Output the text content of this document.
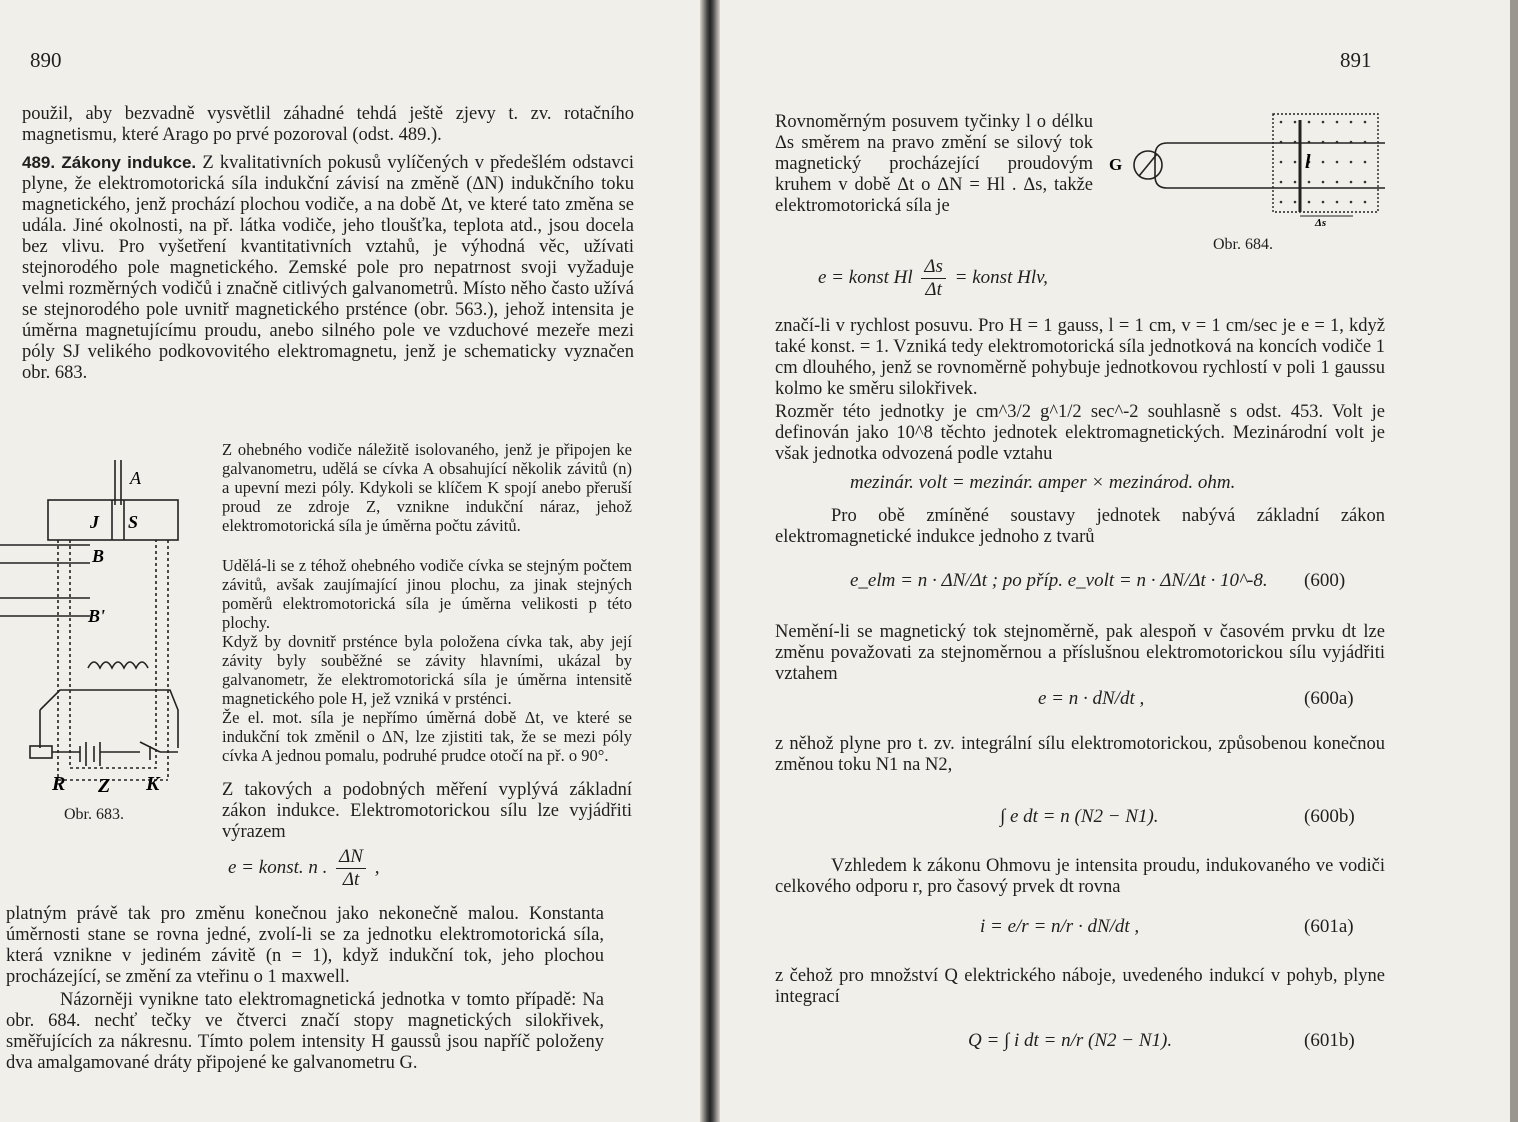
890
použil, aby bezvadně vysvětlil záhadné tehdá ještě zjevy t. zv. rotačního magnetismu, které Arago po prvé pozoroval (odst. 489.).
489. Zákony indukce. Z kvalitativních pokusů vylíčených v předešlém odstavci plyne, že elektromotorická síla indukční závisí na změně (ΔN) indukčního toku magnetického, jenž prochází plochou vodiče, a na době Δt, ve které tato změna se udála. Jiné okolnosti, na př. látka vodiče, jeho tloušťka, teplota atd., jsou docela bez vlivu. Pro vyšetření kvantitativních vztahů, je výhodná věc, užívati stejnorodého pole magnetického. Zemské pole pro nepatrnost svoji vyžaduje velmi rozměrných vodičů i značně citlivých galvanometrů. Místo něho často užívá se stejnorodého pole uvnitř magnetického prsténce (obr. 563.), jehož intensita je úměrna magnetujícímu proudu, anebo silného pole ve vzduchové mezeře mezi póly SJ velikého podkovovitého elektromagnetu, jenž je schematicky vyznačen obr. 683.
A
J S
B
B'
R Z K
Obr. 683.
Z ohebného vodiče náležitě isolovaného, jenž je připojen ke galvanometru, udělá se cívka A obsahující několik závitů (n) a upevní mezi póly. Kdykoli se klíčem K spojí anebo přeruší proud ze zdroje Z, vznikne indukční náraz, jehož elektromotorická síla je úměrna počtu závitů.
Udělá-li se z téhož ohebného vodiče cívka se stejným počtem závitů, avšak zaujímající jinou plochu, za jinak stejných poměrů elektromotorická síla je úměrna velikosti p této plochy.
Když by dovnitř prsténce byla položena cívka tak, aby její závity byly souběžné se závity hlavními, ukázal by galvanometr, že elektromotorická síla je úměrna intensitě magnetického pole H, jež vzniká v prsténci.
Že el. mot. síla je nepřímo úměrná době Δt, ve které se indukční tok změnil o ΔN, lze zjistiti tak, že se mezi póly cívka A jednou pomalu, podruhé prudce otočí na př. o 90°.
Z takových a podobných měření vyplývá základní zákon indukce. Elektromotorickou sílu lze vyjádřiti výrazem
e = konst. n . $\frac{\Delta N}{\Delta t}$ ,
platným právě tak pro změnu konečnou jako nekonečně malou. Konstanta úměrnosti stane se rovna jedné, zvolí-li se za jednotku elektromotorická síla, která vznikne v jediném závitě (n = 1), když indukční tok, jeho plochou procházející, se změní za vteřinu o 1 maxwell.
Názorněji vynikne tato elektromagnetická jednotka v tomto případě: Na obr. 684. nechť tečky ve čtverci značí stopy magnetických silokřivek, směřujících za nákresnu. Tímto polem intensity H gaussů jsou napříč položeny dva amalgamované dráty připojené ke galvanometru G.
891
Rovnoměrným posuvem tyčinky l o délku Δs směrem na pravo změní se silový tok magnetický procházející proudovým kruhem v době Δt o ΔN = Hl . Δs, takže elektromotorická síla je
G	l
Δs
Obr. 684.
e = konst Hl $\frac{\Delta s}{\Delta t}$ = konst Hlv,
značí-li v rychlost posuvu. Pro H = 1 gauss, l = 1 cm, v = 1 cm/sec je e = 1, když také konst. = 1. Vzniká tedy elektromotorická síla jednotková na koncích vodiče 1 cm dlouhého, jenž se rovnoměrně pohybuje jednotkovou rychlostí v poli 1 gaussu kolmo ke směru silokřivek.
Rozměr této jednotky je cm^3/2 g^1/2 sec^-2 souhlasně s odst. 453. Volt je definován jako 10^8 těchto jednotek elektromagnetických. Mezinárodní volt je však jednotka odvozená podle vztahu
mezinár. volt = mezinár. amper × mezinárod. ohm.
Pro obě zmíněné soustavy jednotek nabývá základní zákon elektromagnetické indukce jednoho z tvarů
e_elm = n · ΔN/Δt ; po příp. e_volt = n · ΔN/Δt · 10^-8. (600)
Nemění-li se magnetický tok stejnoměrně, pak alespoň v časovém prvku dt lze změnu považovati za stejnoměrnou a příslušnou elektromotorickou sílu vyjádřiti vztahem
e = n · dN/dt ,	(600a)
z něhož plyne pro t. zv. integrální sílu elektromotorickou, způsobenou konečnou změnou toku N1 na N2,
∫ e dt = n (N2 − N1).	(600b)
Vzhledem k zákonu Ohmovu je intensita proudu, indukovaného ve vodiči celkového odporu r, pro časový prvek dt rovna
i = e/r = n/r · dN/dt ,	(601a)
z čehož pro množství Q elektrického náboje, uvedeného indukcí v pohyb, plyne integrací
Q = ∫ i dt = n/r (N2 − N1).	(601b)
